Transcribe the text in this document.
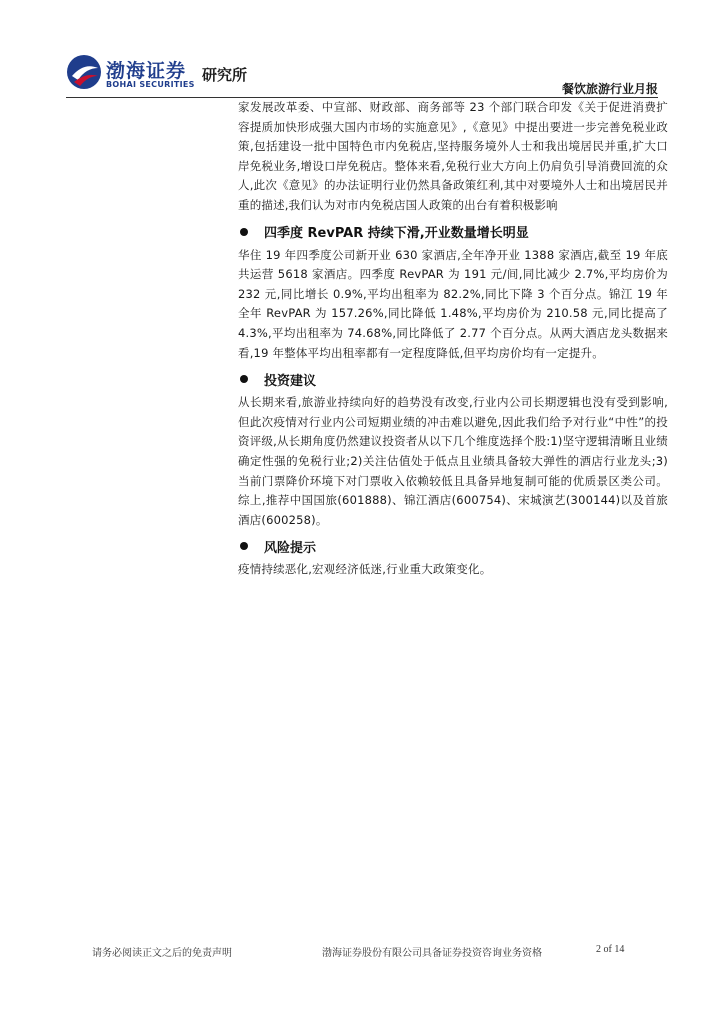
渤海证券
BOHAI SECURITIES
研究所
餐饮旅游行业月报

家发展改革委、中宣部、财政部、商务部等 23 个部门联合印发《关于促进消费扩容提质加快形成强大国内市场的实施意见》,《意见》中提出要进一步完善免税业政策,包括建设一批中国特色市内免税店,坚持服务境外人士和我出境居民并重,扩大口岸免税业务,增设口岸免税店。整体来看,免税行业大方向上仍肩负引导消费回流的众人,此次《意见》的办法证明行业仍然具备政策红利,其中对要境外人士和出境居民并重的描述,我们认为对市内免税店国人政策的出台有着积极影响

四季度 RevPAR 持续下滑,开业数量增长明显

华住 19 年四季度公司新开业 630 家酒店,全年净开业 1388 家酒店,截至 19 年底共运营 5618 家酒店。四季度 RevPAR 为 191 元/间,同比减少 2.7%,平均房价为 232 元,同比增长 0.9%,平均出租率为 82.2%,同比下降 3 个百分点。锦江 19 年全年 RevPAR 为 157.26%,同比降低 1.48%,平均房价为 210.58 元,同比提高了 4.3%,平均出租率为 74.68%,同比降低了 2.77 个百分点。从两大酒店龙头数据来看,19 年整体平均出租率都有一定程度降低,但平均房价均有一定提升。

投资建议

从长期来看,旅游业持续向好的趋势没有改变,行业内公司长期逻辑也没有受到影响,但此次疫情对行业内公司短期业绩的冲击难以避免,因此我们给予对行业“中性”的投资评级,从长期角度仍然建议投资者从以下几个维度选择个股:1)坚守逻辑清晰且业绩确定性强的免税行业;2)关注估值处于低点且业绩具备较大弹性的酒店行业龙头;3)当前门票降价环境下对门票收入依赖较低且具备异地复制可能的优质景区类公司。综上,推荐中国国旅(601888)、锦江酒店(600754)、宋城演艺(300144)以及首旅酒店(600258)。

风险提示

疫情持续恶化,宏观经济低迷,行业重大政策变化。

请务必阅读正文之后的免责声明	渤海证券股份有限公司具备证券投资咨询业务资格	2 of 14
